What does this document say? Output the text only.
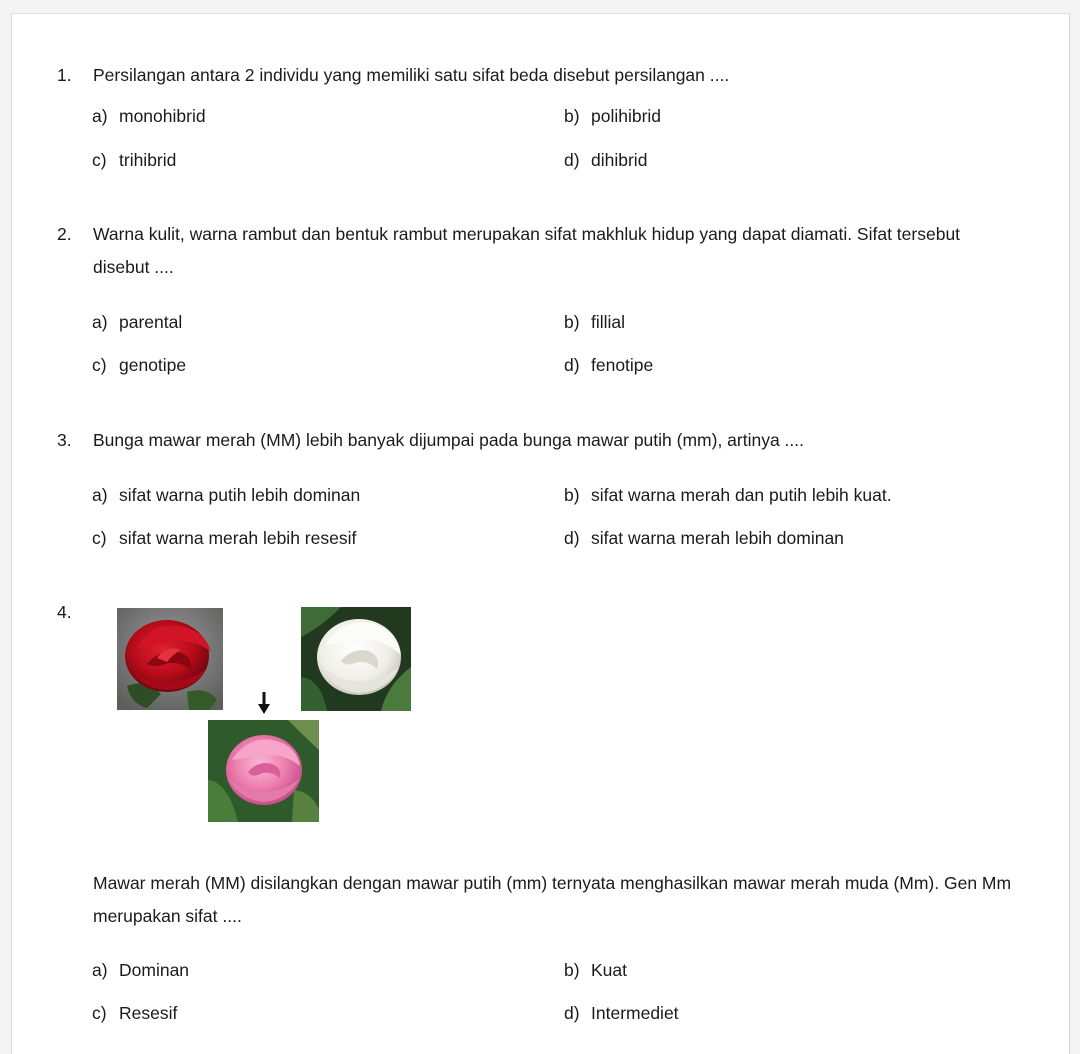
1. Persilangan antara 2 individu yang memiliki satu sifat beda disebut persilangan ....
a) monohibrid	b) polihibrid
c) trihibrid	d) dihibrid
2. Warna kulit, warna rambut dan bentuk rambut merupakan sifat makhluk hidup yang dapat diamati. Sifat tersebut disebut ....
a) parental	b) fillial
c) genotipe	d) fenotipe
3. Bunga mawar merah (MM) lebih banyak dijumpai pada bunga mawar putih (mm), artinya ....
a) sifat warna putih lebih dominan	b) sifat warna merah dan putih lebih kuat.
c) sifat warna merah lebih resesif	d) sifat warna merah lebih dominan
4.
Mawar merah (MM) disilangkan dengan mawar putih (mm) ternyata menghasilkan mawar merah muda (Mm). Gen Mm merupakan sifat ....
a) Dominan	b) Kuat
c) Resesif	d) Intermediet
